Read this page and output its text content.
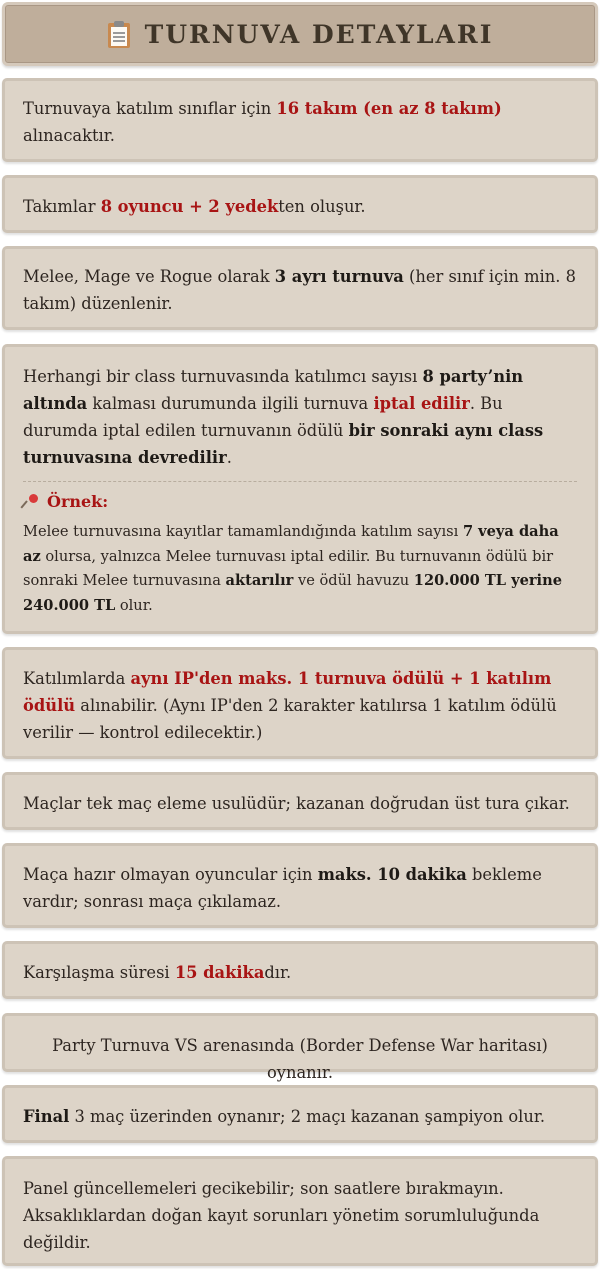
TURNUVA DETAYLARI
Turnuvaya katılım sınıflar için 16 takım (en az 8 takım) alınacaktır.
Takımlar 8 oyuncu + 2 yedekten oluşur.
Melee, Mage ve Rogue olarak 3 ayrı turnuva (her sınıf için min. 8 takım) düzenlenir.
Herhangi bir class turnuvasında katılımcı sayısı 8 party’nin altında kalması durumunda ilgili turnuva iptal edilir. Bu durumda iptal edilen turnuvanın ödülü bir sonraki aynı class turnuvasına devredilir.
Örnek:
Melee turnuvasına kayıtlar tamamlandığında katılım sayısı 7 veya daha az olursa, yalnızca Melee turnuvası iptal edilir. Bu turnuvanın ödülü bir sonraki Melee turnuvasına aktarılır ve ödül havuzu 120.000 TL yerine 240.000 TL olur.
Katılımlarda aynı IP'den maks. 1 turnuva ödülü + 1 katılım ödülü alınabilir. (Aynı IP'den 2 karakter katılırsa 1 katılım ödülü verilir — kontrol edilecektir.)
Maçlar tek maç eleme usulüdür; kazanan doğrudan üst tura çıkar.
Maça hazır olmayan oyuncular için maks. 10 dakika bekleme vardır; sonrası maça çıkılamaz.
Karşılaşma süresi 15 dakikadır.
Party Turnuva VS arenasında (Border Defense War haritası) oynanır.
Final 3 maç üzerinden oynanır; 2 maçı kazanan şampiyon olur.
Panel güncellemeleri gecikebilir; son saatlere bırakmayın. Aksaklıklardan doğan kayıt sorunları yönetim sorumluluğunda değildir.
